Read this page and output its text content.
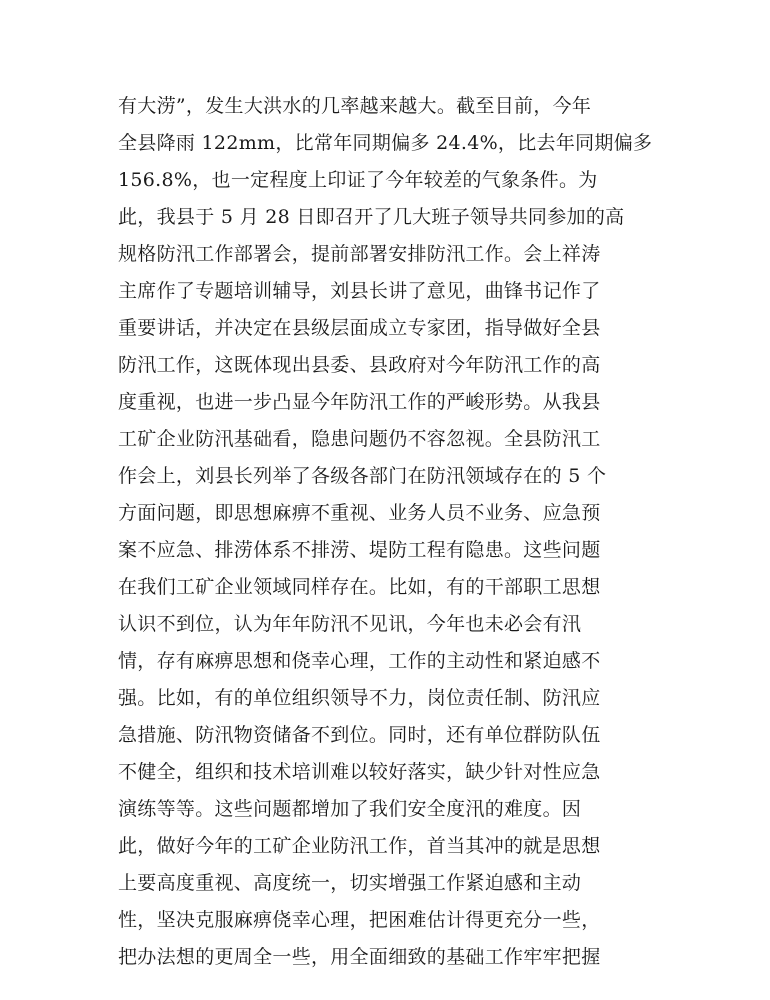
有大涝”，发生大洪水的几率越来越大。截至目前，今年
全县降雨 122mm，比常年同期偏多 24.4%，比去年同期偏多
156.8%，也一定程度上印证了今年较差的气象条件。为
此，我县于 5 月 28 日即召开了几大班子领导共同参加的高
规格防汛工作部署会，提前部署安排防汛工作。会上祥涛
主席作了专题培训辅导，刘县长讲了意见，曲锋书记作了
重要讲话，并决定在县级层面成立专家团，指导做好全县
防汛工作，这既体现出县委、县政府对今年防汛工作的高
度重视，也进一步凸显今年防汛工作的严峻形势。从我县
工矿企业防汛基础看，隐患问题仍不容忽视。全县防汛工
作会上，刘县长列举了各级各部门在防汛领域存在的 5 个
方面问题，即思想麻痹不重视、业务人员不业务、应急预
案不应急、排涝体系不排涝、堤防工程有隐患。这些问题
在我们工矿企业领域同样存在。比如，有的干部职工思想
认识不到位，认为年年防汛不见讯，今年也未必会有汛
情，存有麻痹思想和侥幸心理，工作的主动性和紧迫感不
强。比如，有的单位组织领导不力，岗位责任制、防汛应
急措施、防汛物资储备不到位。同时，还有单位群防队伍
不健全，组织和技术培训难以较好落实，缺少针对性应急
演练等等。这些问题都增加了我们安全度汛的难度。因
此，做好今年的工矿企业防汛工作，首当其冲的就是思想
上要高度重视、高度统一，切实增强工作紧迫感和主动
性，坚决克服麻痹侥幸心理，把困难估计得更充分一些，
把办法想的更周全一些，用全面细致的基础工作牢牢把握
